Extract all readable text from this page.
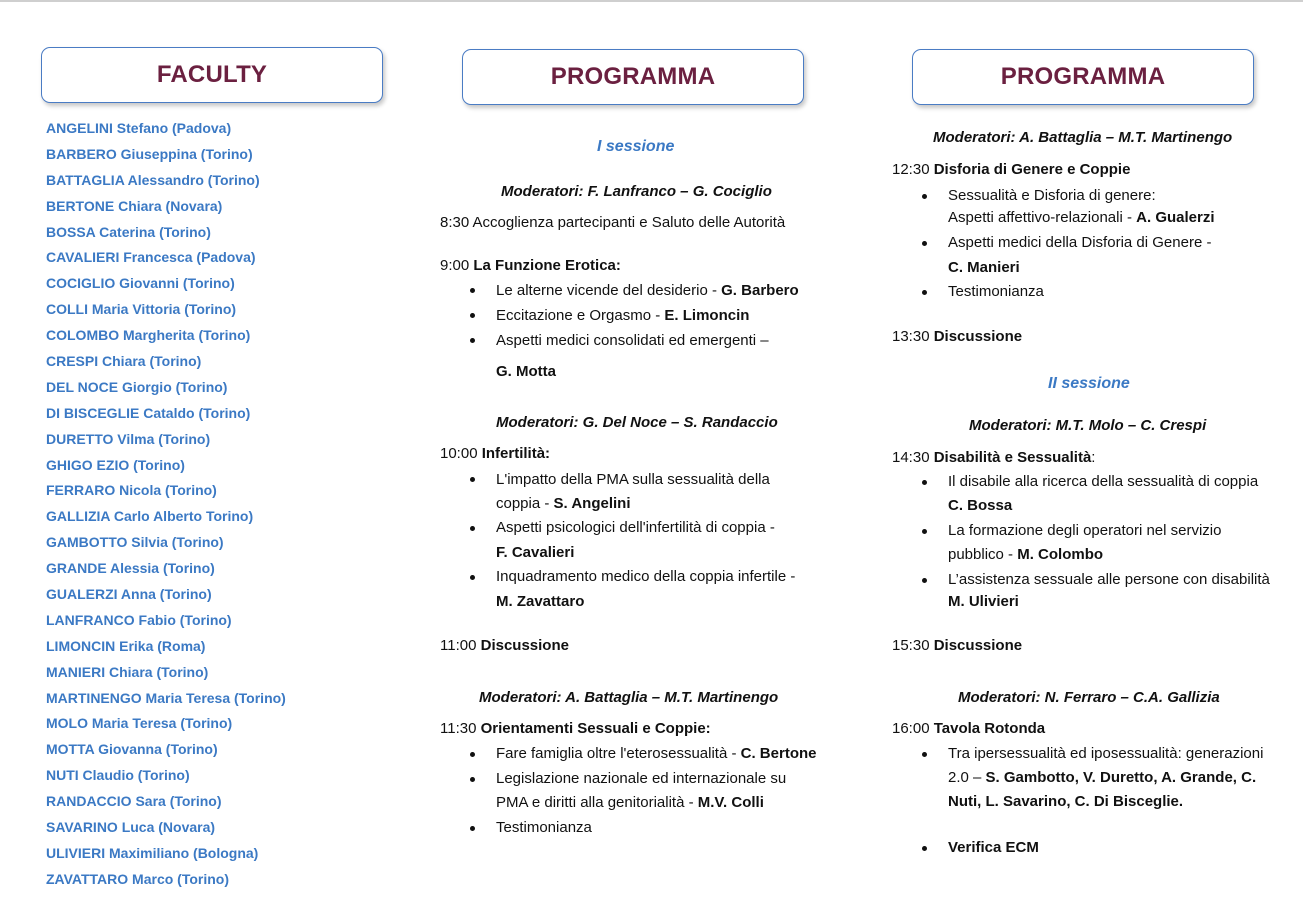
FACULTY
ANGELINI Stefano (Padova)
BARBERO Giuseppina (Torino)
BATTAGLIA Alessandro (Torino)
BERTONE Chiara (Novara)
BOSSA Caterina (Torino)
CAVALIERI Francesca (Padova)
COCIGLIO Giovanni (Torino)
COLLI Maria Vittoria (Torino)
COLOMBO Margherita (Torino)
CRESPI Chiara (Torino)
DEL NOCE Giorgio (Torino)
DI BISCEGLIE Cataldo (Torino)
DURETTO Vilma (Torino)
GHIGO EZIO (Torino)
FERRARO Nicola (Torino)
GALLIZIA Carlo Alberto Torino)
GAMBOTTO Silvia (Torino)
GRANDE Alessia (Torino)
GUALERZI Anna (Torino)
LANFRANCO Fabio (Torino)
LIMONCIN Erika (Roma)
MANIERI Chiara (Torino)
MARTINENGO Maria Teresa (Torino)
MOLO Maria Teresa (Torino)
MOTTA Giovanna (Torino)
NUTI Claudio (Torino)
RANDACCIO Sara (Torino)
SAVARINO Luca (Novara)
ULIVIERI Maximiliano (Bologna)
ZAVATTARO Marco (Torino)
PROGRAMMA
I sessione
Moderatori: F. Lanfranco – G. Cociglio
8:30 Accoglienza partecipanti e Saluto delle Autorità
9:00 La Funzione Erotica:
Le alterne vicende del desiderio - G. Barbero
Eccitazione e Orgasmo - E. Limoncin
Aspetti medici consolidati ed emergenti –
G. Motta
Moderatori: G. Del Noce – S. Randaccio
10:00 Infertilità:
L'impatto della PMA sulla sessualità della
coppia - S. Angelini
Aspetti psicologici dell'infertilità di coppia -
F. Cavalieri
Inquadramento medico della coppia infertile -
M. Zavattaro
11:00 Discussione
Moderatori: A. Battaglia – M.T. Martinengo
11:30 Orientamenti Sessuali e Coppie:
Fare famiglia oltre l'eterosessualità - C. Bertone
Legislazione nazionale ed internazionale su
PMA e diritti alla genitorialità - M.V. Colli
Testimonianza
PROGRAMMA
Moderatori: A. Battaglia – M.T. Martinengo
12:30 Disforia di Genere e Coppie
Sessualità e Disforia di genere:
Aspetti affettivo-relazionali - A. Gualerzi
Aspetti medici della Disforia di Genere -
C. Manieri
Testimonianza
13:30 Discussione
II sessione
Moderatori: M.T. Molo – C. Crespi
14:30 Disabilità e Sessualità:
Il disabile alla ricerca della sessualità di coppia
C. Bossa
La formazione degli operatori nel servizio
pubblico - M. Colombo
L’assistenza sessuale alle persone con disabilità
M. Ulivieri
15:30 Discussione
Moderatori: N. Ferraro – C.A. Gallizia
16:00 Tavola Rotonda
Tra ipersessualità ed iposessualità: generazioni
2.0 – S. Gambotto, V. Duretto, A. Grande, C.
Nuti, L. Savarino, C. Di Bisceglie.
Verifica ECM
